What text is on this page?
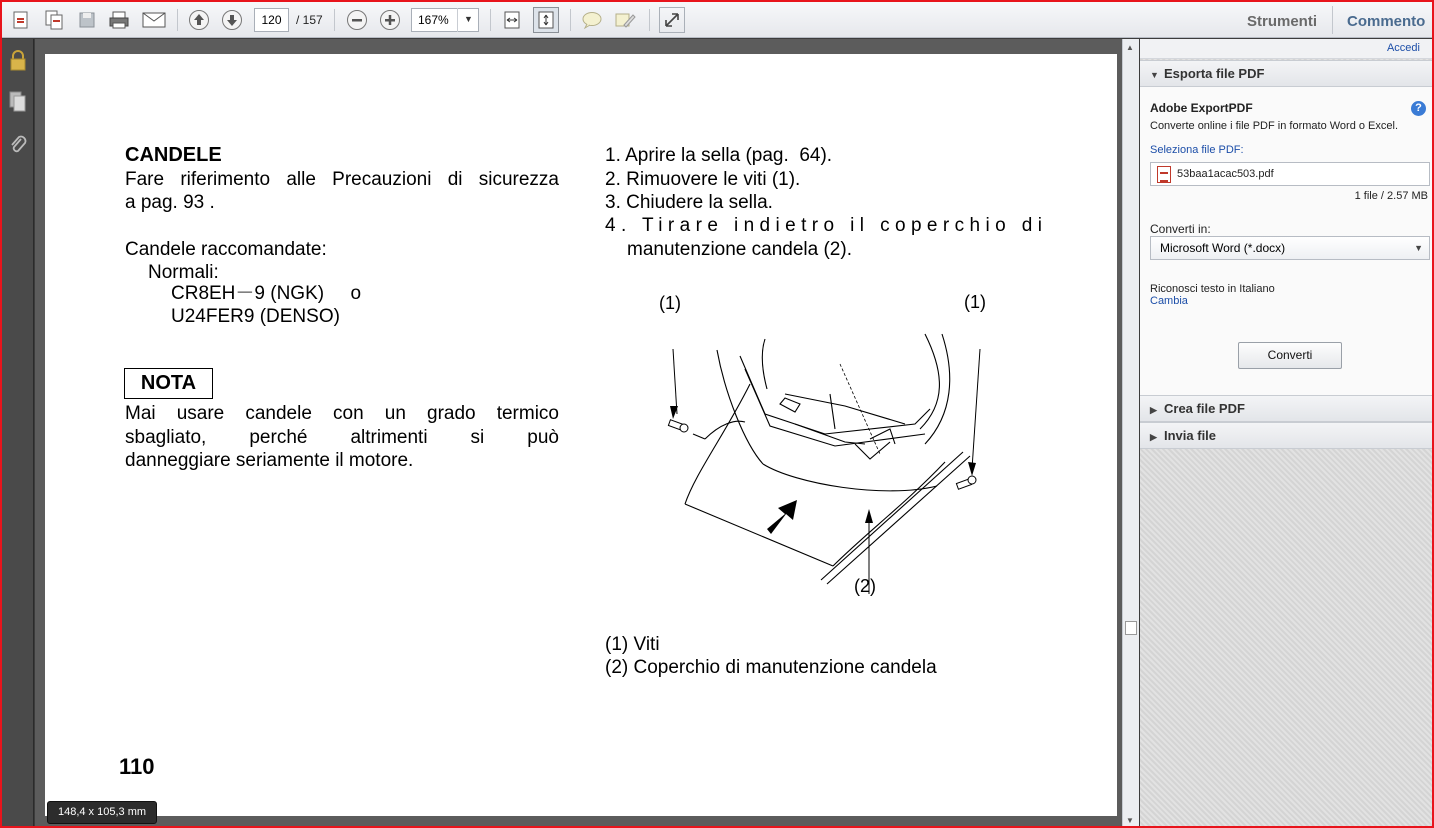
120	/ 157	167%	▼	Strumenti Commento
CANDELE
Fare riferimento alle Precauzioni di sicurezza
a pag. 93 .
Candele raccomandate:
Normali:
CR8EH－9 (NGK)     o
U24FER9 (DENSO)
NOTA
Mai usare candele con un grado termico
sbagliato, perché altrimenti si può
danneggiare seriamente il motore.
1. Aprire la sella (pag.  64).
2. Rimuovere le viti (1).
3. Chiudere la sella.
4. Tirare indietro il coperchio di
manutenzione candela (2).
(1)	(1)
(2)
(1) Viti
(2) Coperchio di manutenzione candela
110
148,4 x 105,3 mm
▲
▼
Accedi
▼ Esporta file PDF
Adobe ExportPDF	?
Converte online i file PDF in formato Word o Excel.
Seleziona file PDF:
53baa1acac503.pdf
1 file / 2.57 MB
Converti in:
Microsoft Word (*.docx)	▼
Riconosci testo in Italiano
Cambia
Converti
▶ Crea file PDF
▶ Invia file
